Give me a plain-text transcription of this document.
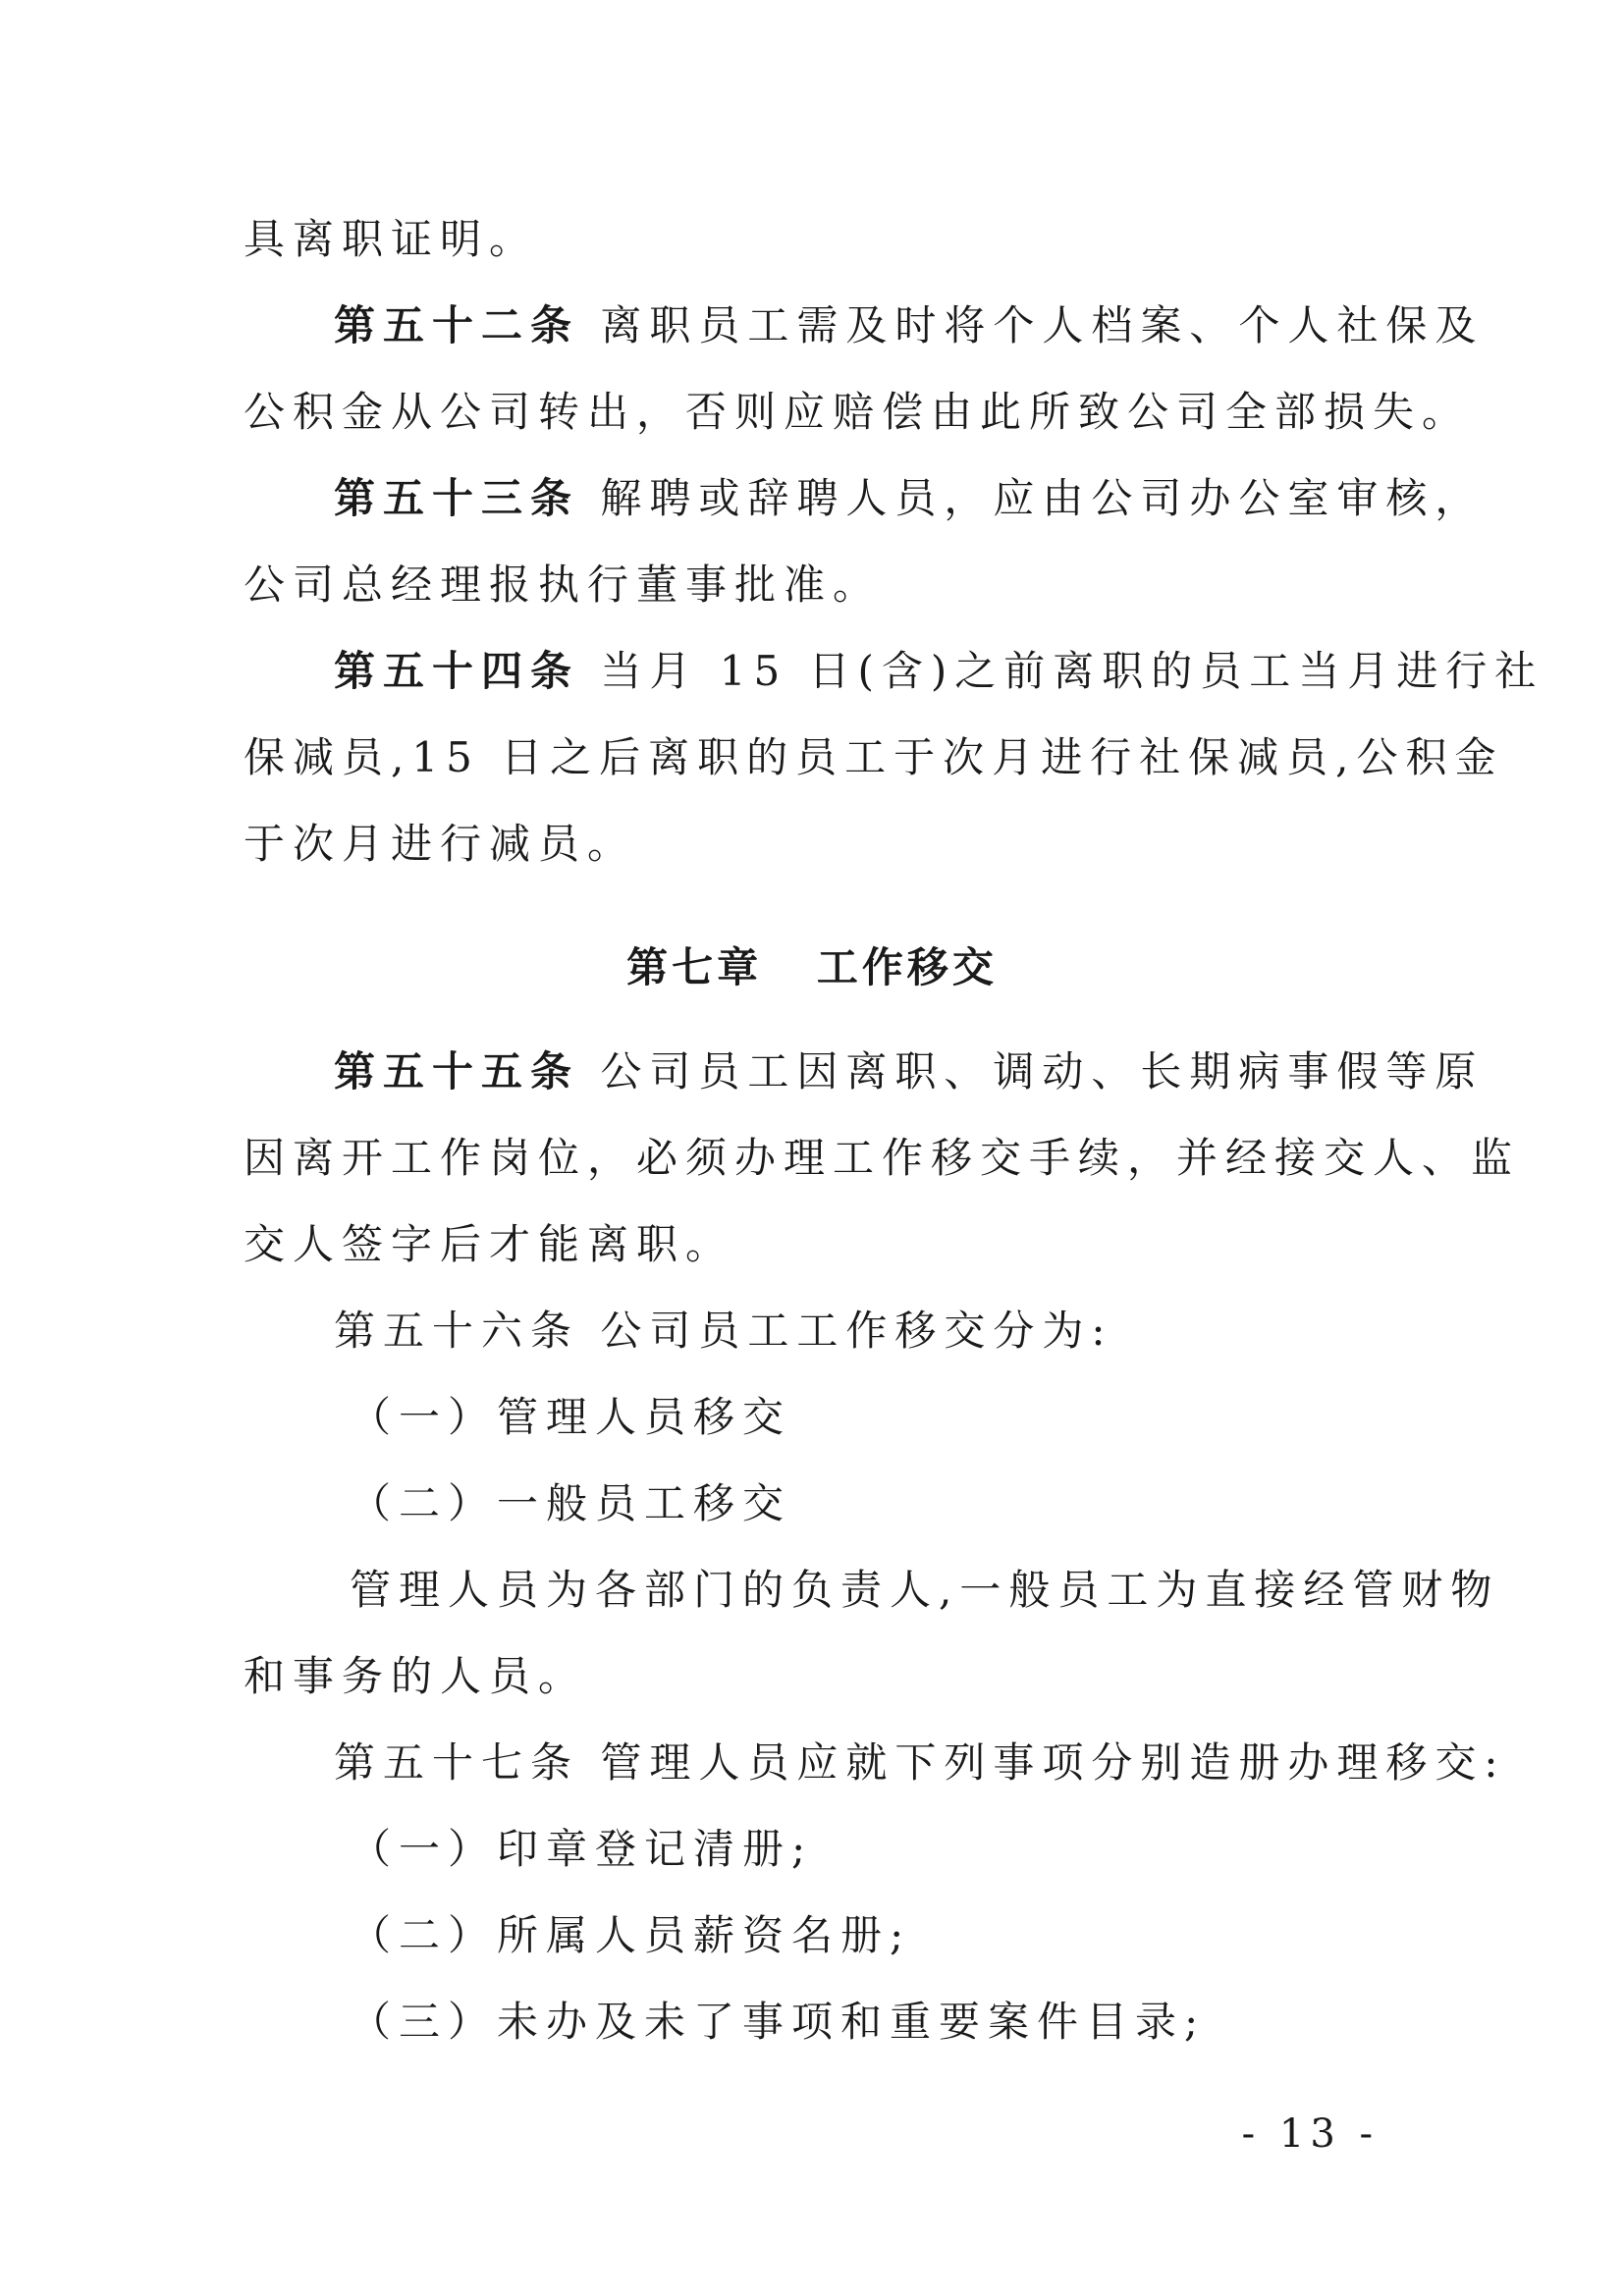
具离职证明。
第五十二条 离职员工需及时将个人档案、个人社保及
公积金从公司转出，否则应赔偿由此所致公司全部损失。
第五十三条 解聘或辞聘人员，应由公司办公室审核，
公司总经理报执行董事批准。
第五十四条 当月 15 日(含)之前离职的员工当月进行社
保减员,15 日之后离职的员工于次月进行社保减员,公积金
于次月进行减员。
第七章   工作移交
第五十五条 公司员工因离职、调动、长期病事假等原
因离开工作岗位，必须办理工作移交手续，并经接交人、监
交人签字后才能离职。
第五十六条 公司员工工作移交分为:
（一）管理人员移交
（二）一般员工移交
管理人员为各部门的负责人,一般员工为直接经管财物
和事务的人员。
第五十七条 管理人员应就下列事项分别造册办理移交:
（一）印章登记清册;
（二）所属人员薪资名册;
（三）未办及未了事项和重要案件目录;
- 13 -
